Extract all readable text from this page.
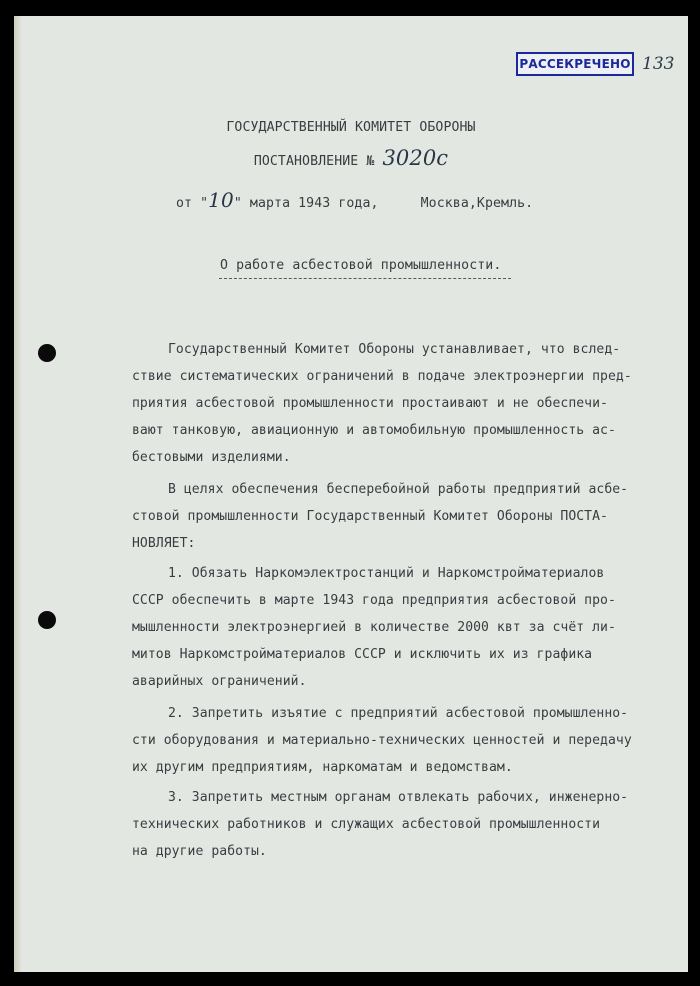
РАССЕКРЕЧЕНО 133
ГОСУДАРСТВЕННЫЙ КОМИТЕТ ОБОРОНЫ
ПОСТАНОВЛЕНИЕ № 3020с
от "10" марта 1943 года,	Москва,Кремль.
О работе асбестовой промышленности.
Государственный Комитет Обороны устанавливает, что вслед-
ствие систематических ограничений в подаче электроэнергии пред-
приятия асбестовой промышленности простаивают и не обеспечи-
вают танковую, авиационную и автомобильную промышленность ас-
бестовыми изделиями.
В целях обеспечения бесперебойной работы предприятий асбе-
стовой промышленности Государственный Комитет Обороны ПОСТА-
НОВЛЯЕТ:
1. Обязать Наркомэлектростанций и Наркомстройматериалов
СССР обеспечить в марте 1943 года предприятия асбестовой про-
мышленности электроэнергией в количестве 2000 квт за счёт ли-
митов Наркомстройматериалов СССР и исключить их из графика
аварийных ограничений.
2. Запретить изъятие с предприятий асбестовой промышленно-
сти оборудования и материально-технических ценностей и передачу
их другим предприятиям, наркоматам и ведомствам.
3. Запретить местным органам отвлекать рабочих, инженерно-
технических работников и служащих асбестовой промышленности
на другие работы.
